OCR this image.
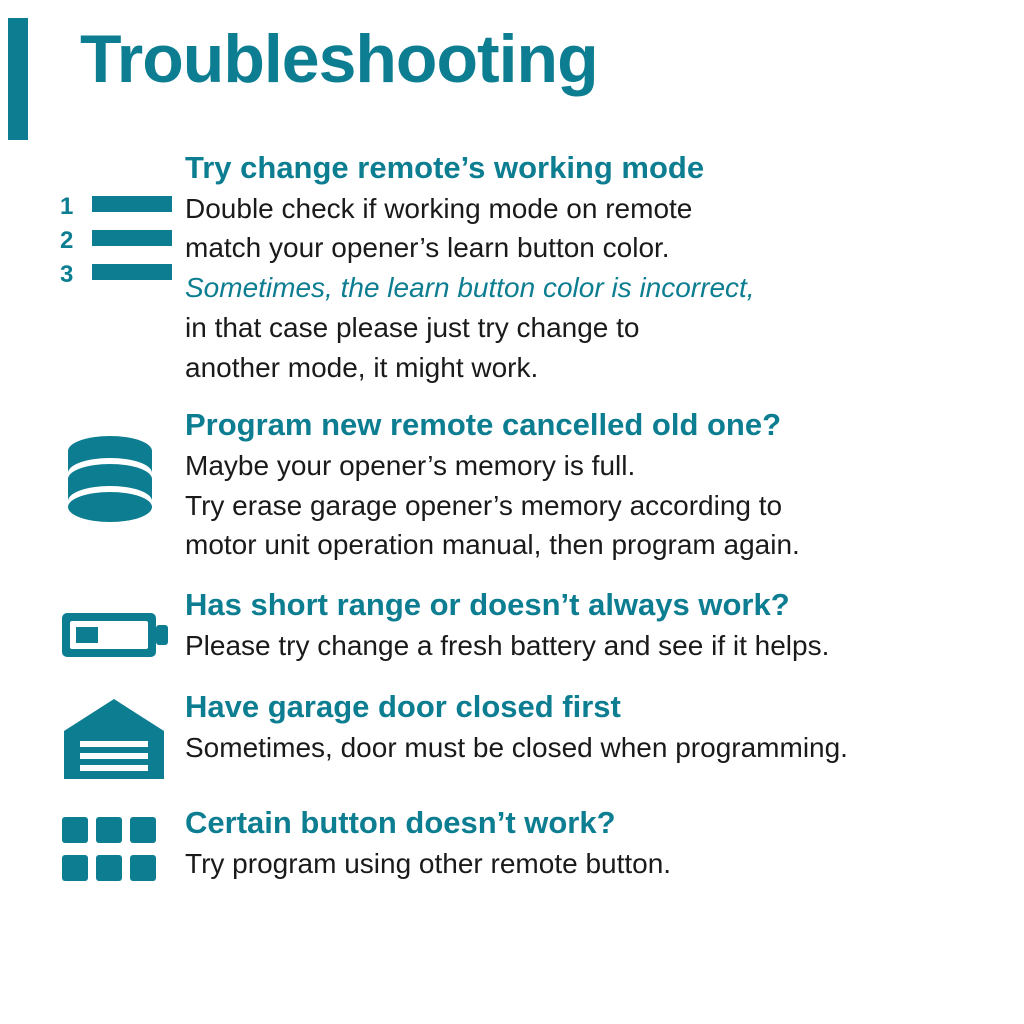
Troubleshooting
1
2
3
Try change remote’s working mode
Double check if working mode on remote
match your opener’s learn button color.
Sometimes, the learn button color is incorrect,
in that case please just try change to
another mode, it might work.
Program new remote cancelled old one?
Maybe your opener’s memory is full.
Try erase garage opener’s memory according to
motor unit operation manual, then program again.
Has short range or doesn’t always work?
Please try change a fresh battery and see if it helps.
Have garage door closed first
Sometimes, door must be closed when programming.
Certain button doesn’t work?
Try program using other remote button.
